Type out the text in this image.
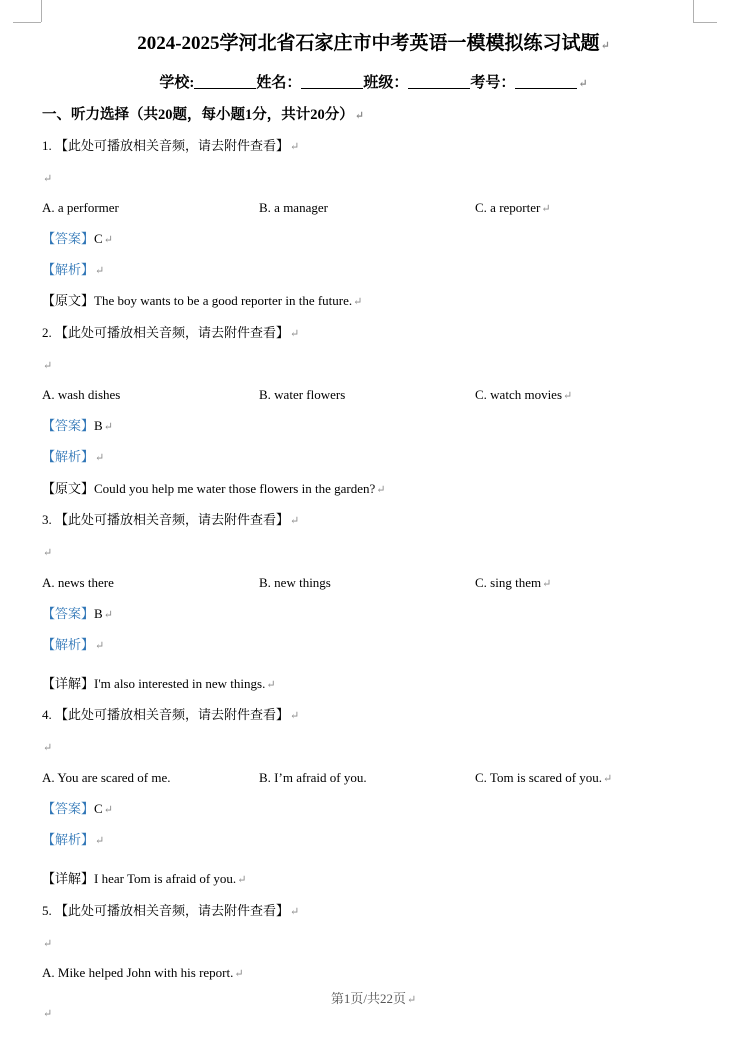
2024-2025学河北省石家庄市中考英语一模模拟练习试题↵
学校:	姓名：	班级：	考号：	↵
一、听力选择（共20题，每小题1分，共计20分）↵
1. 【此处可播放相关音频，请去附件查看】↵
↵
A. a performer	B. a manager	C. a reporter↵
【答案】C↵
【解析】↵
【原文】The boy wants to be a good reporter in the future.↵
2. 【此处可播放相关音频，请去附件查看】↵
↵
A. wash dishes	B. water flowers	C. watch movies↵
【答案】B↵
【解析】↵
【原文】Could you help me water those flowers in the garden?↵
3. 【此处可播放相关音频，请去附件查看】↵
↵
A. news there	B. new things	C. sing them↵
【答案】B↵
【解析】↵
【详解】I'm also interested in new things.↵
4. 【此处可播放相关音频，请去附件查看】↵
↵
A. You are scared of me.	B. I’m afraid of you.	C. Tom is scared of you.↵
【答案】C↵
【解析】↵
【详解】I hear Tom is afraid of you.↵
5. 【此处可播放相关音频，请去附件查看】↵
↵
A. Mike helped John with his report.↵
第1页/共22页↵
↵
